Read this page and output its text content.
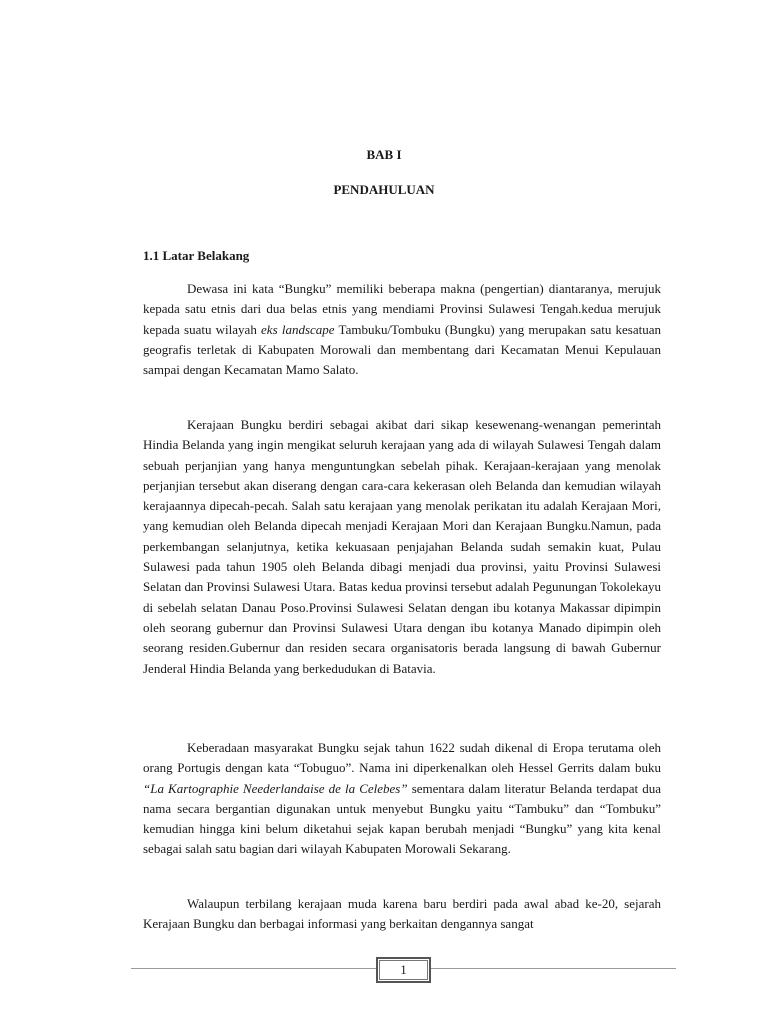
BAB I
PENDAHULUAN
1.1 Latar Belakang

Dewasa ini kata “Bungku” memiliki beberapa makna (pengertian) diantaranya, merujuk kepada satu etnis dari dua belas etnis yang mendiami Provinsi Sulawesi Tengah.kedua merujuk kepada suatu wilayah eks landscape Tambuku/Tombuku (Bungku) yang merupakan satu kesatuan geografis terletak di Kabupaten Morowali dan membentang dari Kecamatan Menui Kepulauan sampai dengan Kecamatan Mamo Salato.

Kerajaan Bungku berdiri sebagai akibat dari sikap kesewenang-wenangan pemerintah Hindia Belanda yang ingin mengikat seluruh kerajaan yang ada di wilayah Sulawesi Tengah dalam sebuah perjanjian yang hanya menguntungkan sebelah pihak. Kerajaan-kerajaan yang menolak perjanjian tersebut akan diserang dengan cara-cara kekerasan oleh Belanda dan kemudian wilayah kerajaannya dipecah-pecah. Salah satu kerajaan yang menolak perikatan itu adalah Kerajaan Mori, yang kemudian oleh Belanda dipecah menjadi Kerajaan Mori dan Kerajaan Bungku.Namun, pada perkembangan selanjutnya, ketika kekuasaan penjajahan Belanda sudah semakin kuat, Pulau Sulawesi pada tahun 1905 oleh Belanda dibagi menjadi dua provinsi, yaitu Provinsi Sulawesi Selatan dan Provinsi Sulawesi Utara. Batas kedua provinsi tersebut adalah Pegunungan Tokolekayu di sebelah selatan Danau Poso.Provinsi Sulawesi Selatan dengan ibu kotanya Makassar dipimpin oleh seorang gubernur dan Provinsi Sulawesi Utara dengan ibu kotanya Manado dipimpin oleh seorang residen.Gubernur dan residen secara organisatoris berada langsung di bawah Gubernur Jenderal Hindia Belanda yang berkedudukan di Batavia.

Keberadaan masyarakat Bungku sejak tahun 1622 sudah dikenal di Eropa terutama oleh orang Portugis dengan kata “Tobuguo”. Nama ini diperkenalkan oleh Hessel Gerrits dalam buku “La Kartographie Neederlandaise de la Celebes” sementara dalam literatur Belanda terdapat dua nama secara bergantian digunakan untuk menyebut Bungku yaitu “Tambuku” dan “Tombuku” kemudian hingga kini belum diketahui sejak kapan berubah menjadi “Bungku” yang kita kenal sebagai salah satu bagian dari wilayah Kabupaten Morowali Sekarang.

Walaupun terbilang kerajaan muda karena baru berdiri pada awal abad ke-20, sejarah Kerajaan Bungku dan berbagai informasi yang berkaitan dengannya sangat

1
